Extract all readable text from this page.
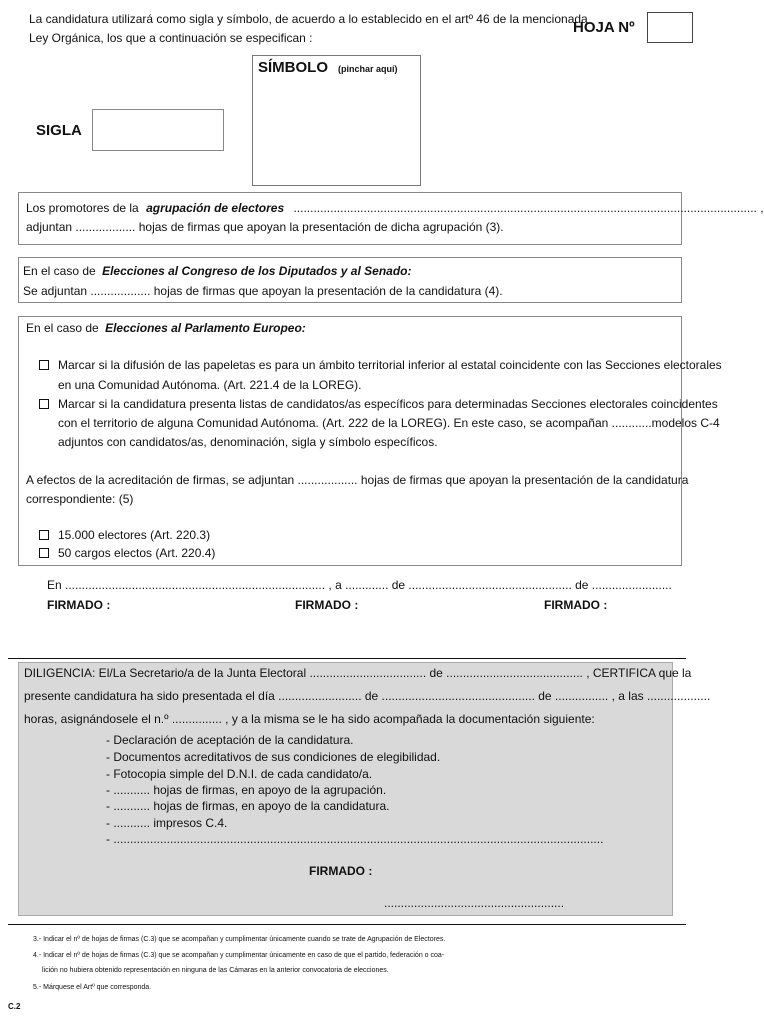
La candidatura utilizará como sigla y símbolo, de acuerdo a lo establecido en el artº 46 de la mencionada
Ley Orgánica, los que a continuación se especifican :
HOJA Nº
SÍMBOLO (pinchar aquí)
SIGLA
Los promotores de la agrupación de electores ........................................................................................................................................... ,
adjuntan .................. hojas de firmas que apoyan la presentación de dicha agrupación (3).
En el caso de Elecciones al Congreso de los Diputados y al Senado:
Se adjuntan .................. hojas de firmas que apoyan la presentación de la candidatura (4).
En el caso de Elecciones al Parlamento Europeo:
Marcar si la difusión de las papeletas es para un ámbito territorial inferior al estatal coincidente con las Secciones electorales
en una Comunidad Autónoma. (Art. 221.4 de la LOREG).
Marcar si la candidatura presenta listas de candidatos/as específicos para determinadas Secciones electorales coincidentes
con el territorio de alguna Comunidad Autónoma. (Art. 222 de la LOREG). En este caso, se acompañan ............modelos C-4
adjuntos con candidatos/as, denominación, sigla y símbolo específicos.
A efectos de la acreditación de firmas, se adjuntan .................. hojas de firmas que apoyan la presentación de la candidatura
correspondiente: (5)
15.000 electores (Art. 220.3)
50 cargos electos (Art. 220.4)
En .............................................................................. , a ............. de ................................................. de ........................
FIRMADO :	FIRMADO :	FIRMADO :
DILIGENCIA: El/La Secretario/a de la Junta Electoral ................................... de ......................................... , CERTIFICA que la
presente candidatura ha sido presentada el día ......................... de .............................................. de ................ , a las ...................
horas, asignándosele el n.º ............... , y a la misma se le ha sido acompañada la documentación siguiente:
- Declaración de aceptación de la candidatura.
- Documentos acreditativos de sus condiciones de elegibilidad.
- Fotocopia simple del D.N.I. de cada candidato/a.
- ........... hojas de firmas, en apoyo de la agrupación.
- ........... hojas de firmas, en apoyo de la candidatura.
- ........... impresos C.4.
- ...................................................................................................................................................
FIRMADO :
......................................................
3.- Indicar el nº de hojas de firmas (C.3) que se acompañan y cumplimentar únicamente cuando se trate de Agrupación de Electores.
4.- Indicar el nº de hojas de firmas (C.3) que se acompañan y cumplimentar únicamente en caso de que el partido, federación o coa-
lición no hubiera obtenido representación en ninguna de las Cámaras en la anterior convocatoria de elecciones.
5.- Márquese el Artº que corresponda.
C.2
